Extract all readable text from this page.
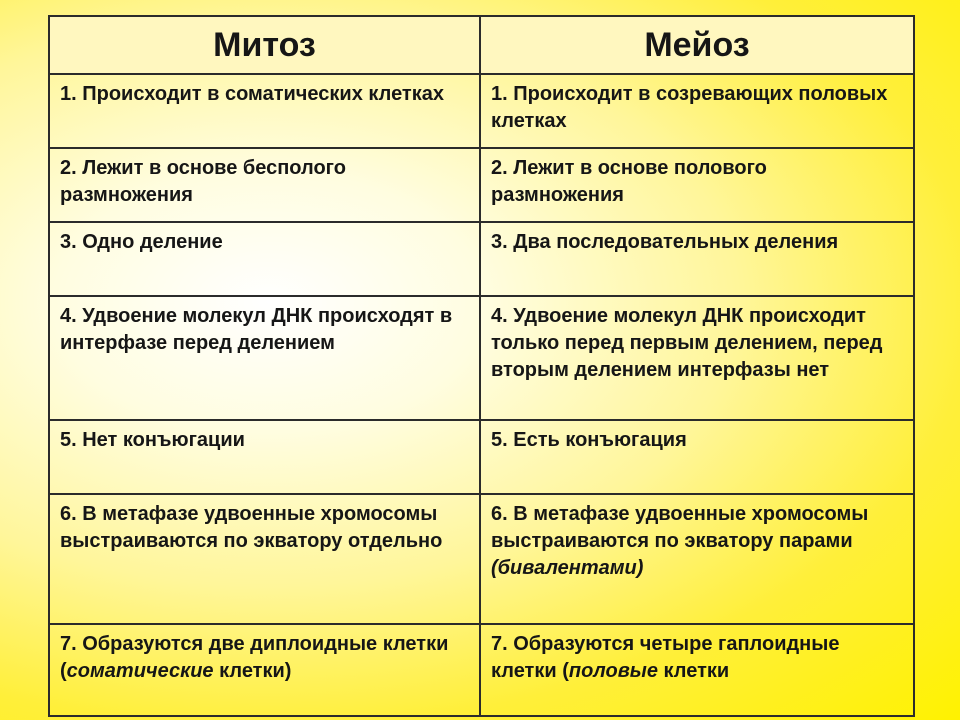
Митоз	Мейоз
1. Происходит в соматических клетках	1. Происходит в созревающих половых клетках
2. Лежит в основе бесполого размножения	2. Лежит в основе полового размножения
3. Одно деление	3. Два последовательных деления
4. Удвоение молекул ДНК происходят в интерфазе перед делением	4. Удвоение молекул ДНК происходит только перед первым делением, перед вторым делением интерфазы нет
5. Нет конъюгации	5. Есть конъюгация
6. В метафазе удвоенные хромосомы выстраиваются по экватору отдельно	6. В метафазе удвоенные хромосомы выстраиваются по экватору парами (бивалентами)
7. Образуются две диплоидные клетки (соматические клетки)	7. Образуются четыре гаплоидные клетки (половые клетки
